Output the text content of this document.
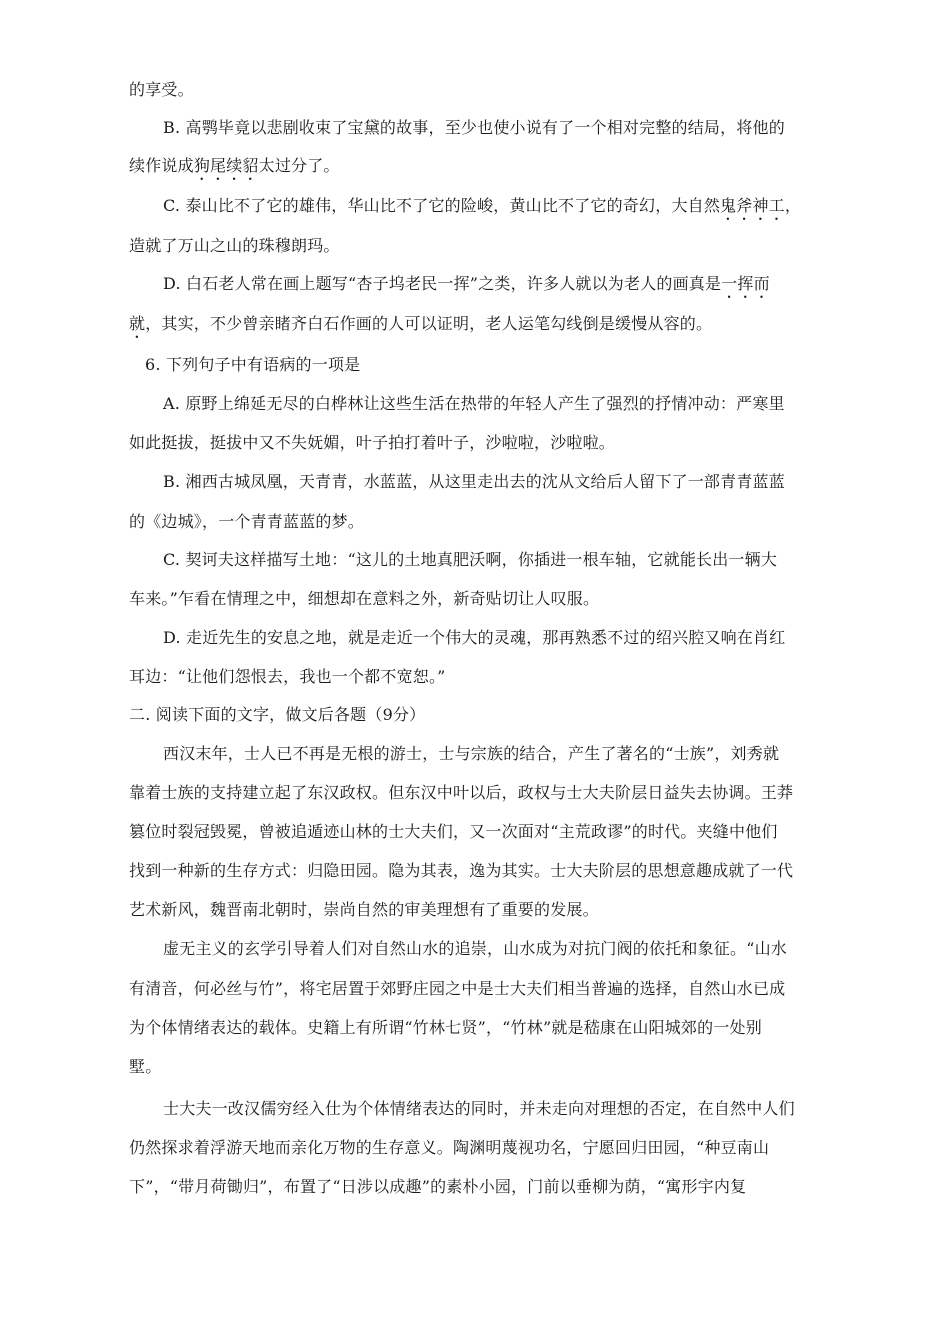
的享受。
B. 高鹗毕竟以悲剧收束了宝黛的故事，至少也使小说有了一个相对完整的结局，将他的
续作说成狗尾续貂太过分了。
C. 泰山比不了它的雄伟，华山比不了它的险峻，黄山比不了它的奇幻，大自然鬼斧神工，
造就了万山之山的珠穆朗玛。
D. 白石老人常在画上题写“杏子坞老民一挥”之类，许多人就以为老人的画真是一挥而
就，其实，不少曾亲睹齐白石作画的人可以证明，老人运笔勾线倒是缓慢从容的。
6. 下列句子中有语病的一项是
A. 原野上绵延无尽的白桦林让这些生活在热带的年轻人产生了强烈的抒情冲动：严寒里
如此挺拔，挺拔中又不失妩媚，叶子拍打着叶子，沙啦啦，沙啦啦。
B. 湘西古城凤凰，天青青，水蓝蓝，从这里走出去的沈从文给后人留下了一部青青蓝蓝
的《边城》，一个青青蓝蓝的梦。
C. 契诃夫这样描写土地：“这儿的土地真肥沃啊，你插进一根车轴，它就能长出一辆大
车来。”乍看在情理之中，细想却在意料之外，新奇贴切让人叹服。
D. 走近先生的安息之地，就是走近一个伟大的灵魂，那再熟悉不过的绍兴腔又响在肖红
耳边：“让他们怨恨去，我也一个都不宽恕。”
二. 阅读下面的文字，做文后各题（9分）
西汉末年，士人已不再是无根的游士，士与宗族的结合，产生了著名的“士族”，刘秀就
靠着士族的支持建立起了东汉政权。但东汉中叶以后，政权与士大夫阶层日益失去协调。王莽
篡位时裂冠毁冕，曾被追遁迹山林的士大夫们，又一次面对“主荒政谬”的时代。夹缝中他们
找到一种新的生存方式：归隐田园。隐为其表，逸为其实。士大夫阶层的思想意趣成就了一代
艺术新风，魏晋南北朝时，崇尚自然的审美理想有了重要的发展。
虚无主义的玄学引导着人们对自然山水的追崇，山水成为对抗门阀的依托和象征。“山水
有清音，何必丝与竹”，将宅居置于郊野庄园之中是士大夫们相当普遍的选择，自然山水已成
为个体情绪表达的载体。史籍上有所谓“竹林七贤”，“竹林”就是嵇康在山阳城郊的一处别
墅。
士大夫一改汉儒穷经入仕为个体情绪表达的同时，并未走向对理想的否定，在自然中人们
仍然探求着浮游天地而亲化万物的生存意义。陶渊明蔑视功名，宁愿回归田园，“种豆南山
下”，“带月荷锄归”，布置了“日涉以成趣”的素朴小园，门前以垂柳为荫，“寓形宇内复
